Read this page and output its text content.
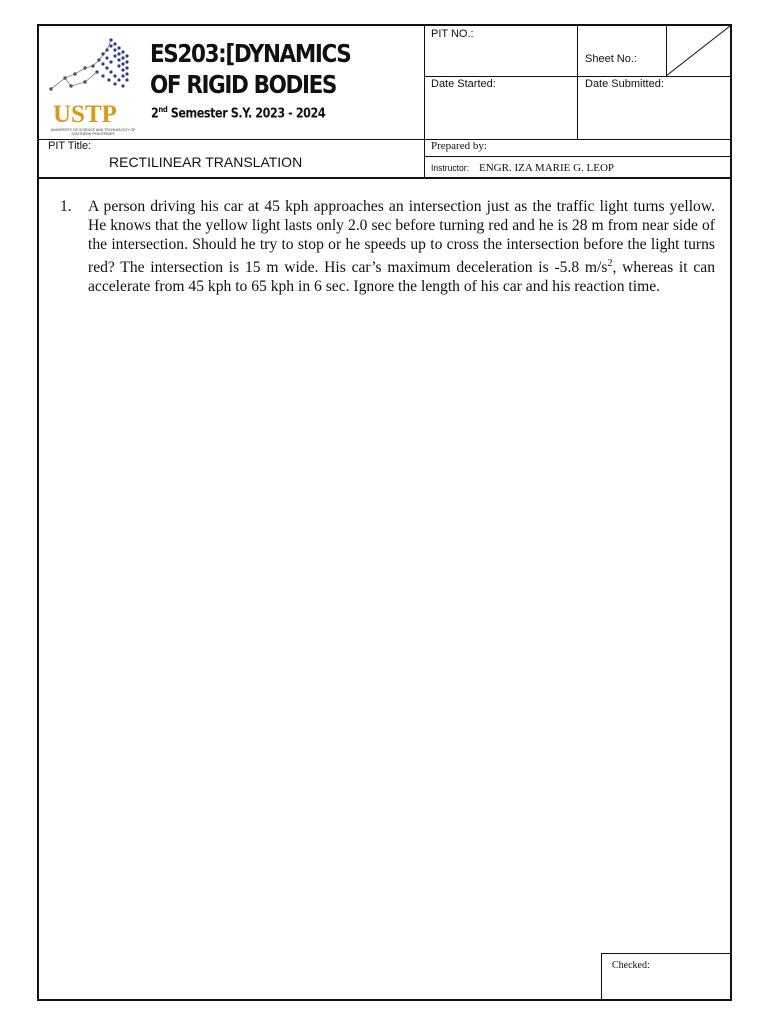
USTP
UNIVERSITY OF SCIENCE AND TECHNOLOGY OF SOUTHERN PHILIPPINES
ES203:[DYNAMICS OF RIGID BODIES
2nd Semester S.Y. 2023 - 2024
PIT NO.:
Sheet No.:
Date Started:	Date Submitted:
PIT Title:
RECTILINEAR TRANSLATION
Prepared by:
Instructor: ENGR. IZA MARIE G. LEOP
Checked:
1. A person driving his car at 45 kph approaches an intersection just as the traffic light turns yellow. He knows that the yellow light lasts only 2.0 sec before turning red and he is 28 m from near side of the intersection. Should he try to stop or he speeds up to cross the intersection before the light turns red? The intersection is 15 m wide. His car’s maximum deceleration is -5.8 $m/s^2$, whereas it can accelerate from 45 kph to 65 kph in 6 sec. Ignore the length of his car and his reaction time.
